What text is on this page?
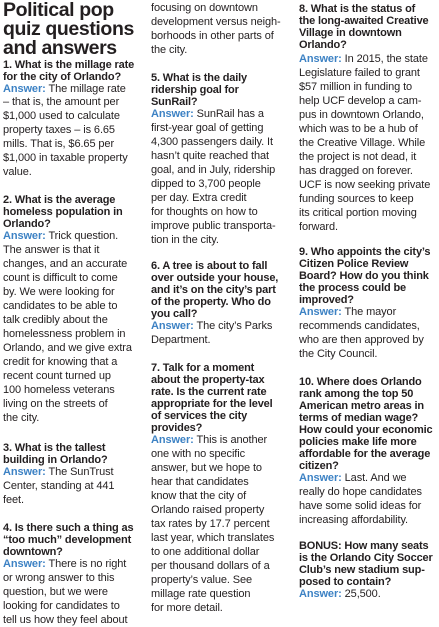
Political pop
quiz questions
and answers
1. What is the millage rate
for the city of Orlando?
Answer: The millage rate
– that is, the amount per
$1,000 used to calculate
property taxes – is 6.65
mills. That is, $6.65 per
$1,000 in taxable property
value.
2. What is the average
homeless population in
Orlando?
Answer: Trick question.
The answer is that it
changes, and an accurate
count is difficult to come
by. We were looking for
candidates to be able to
talk credibly about the
homelessness problem in
Orlando, and we give extra
credit for knowing that a
recent count turned up
100 homeless veterans
living on the streets of
the city.
3. What is the tallest
building in Orlando?
Answer: The SunTrust
Center, standing at 441
feet.
4. Is there such a thing as
“too much” development
downtown?
Answer: There is no right
or wrong answer to this
question, but we were
looking for candidates to
tell us how they feel about
focusing on downtown
development versus neigh-
borhoods in other parts of
the city.
5. What is the daily
ridership goal for
SunRail?
Answer: SunRail has a
first-year goal of getting
4,300 passengers daily. It
hasn’t quite reached that
goal, and in July, ridership
dipped to 3,700 people
per day. Extra credit
for thoughts on how to
improve public transporta-
tion in the city.
6. A tree is about to fall
over outside your house,
and it’s on the city’s part
of the property. Who do
you call?
Answer: The city’s Parks
Department.
7. Talk for a moment
about the property-tax
rate. Is the current rate
appropriate for the level
of services the city
provides?
Answer: This is another
one with no specific
answer, but we hope to
hear that candidates
know that the city of
Orlando raised property
tax rates by 17.7 percent
last year, which translates
to one additional dollar
per thousand dollars of a
property’s value. See
millage rate question
for more detail.
8. What is the status of
the long-awaited Creative
Village in downtown
Orlando?
Answer: In 2015, the state
Legislature failed to grant
$57 million in funding to
help UCF develop a cam-
pus in downtown Orlando,
which was to be a hub of
the Creative Village. While
the project is not dead, it
has dragged on forever.
UCF is now seeking private
funding sources to keep
its critical portion moving
forward.
9. Who appoints the city’s
Citizen Police Review
Board? How do you think
the process could be
improved?
Answer: The mayor
recommends candidates,
who are then approved by
the City Council.
10. Where does Orlando
rank among the top 50
American metro areas in
terms of median wage?
How could your economic
policies make life more
affordable for the average
citizen?
Answer: Last. And we
really do hope candidates
have some solid ideas for
increasing affordability.
BONUS: How many seats
is the Orlando City Soccer
Club’s new stadium sup-
posed to contain?
Answer: 25,500.
